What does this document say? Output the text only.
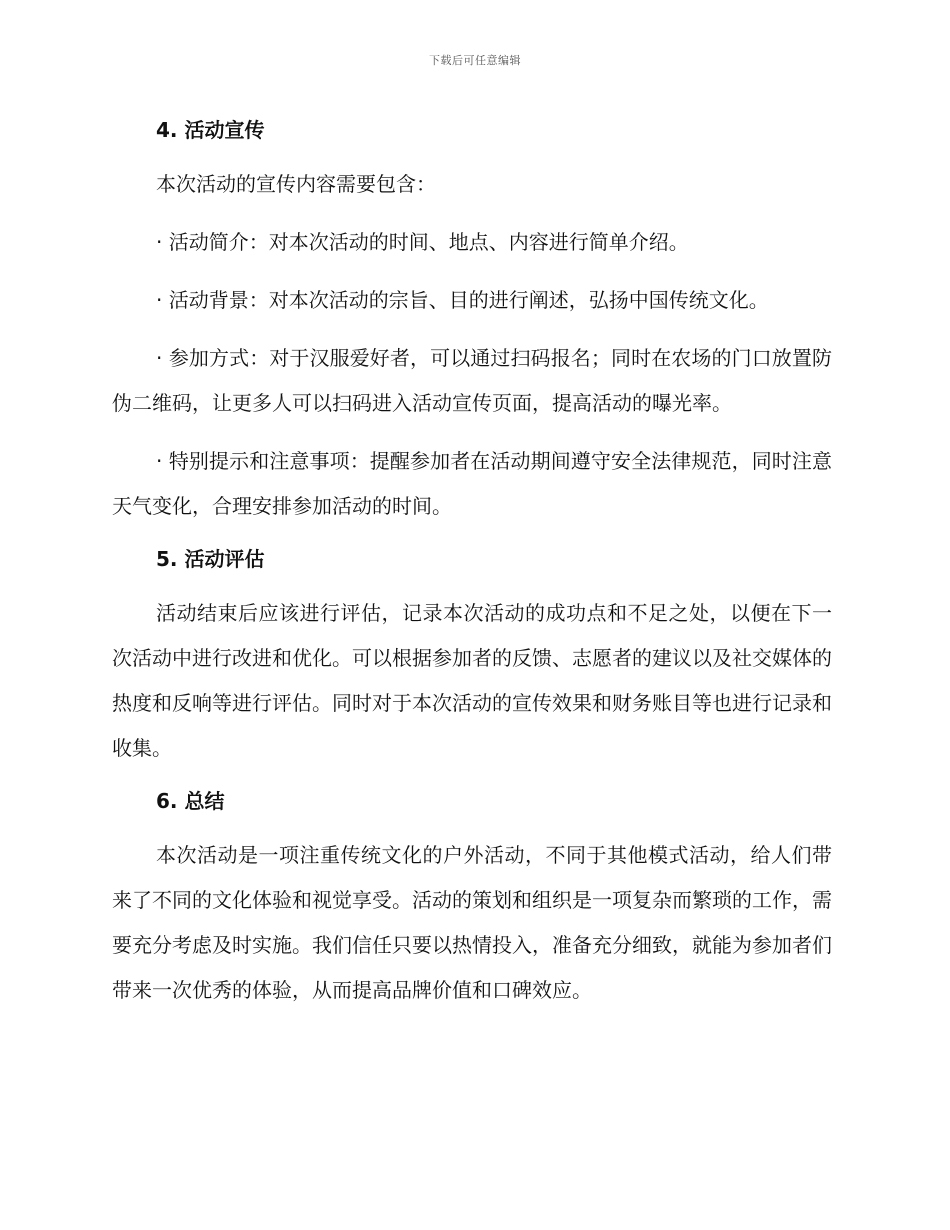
下载后可任意编辑
4. 活动宣传

本次活动的宣传内容需要包含：

· 活动简介：对本次活动的时间、地点、内容进行简单介绍。

· 活动背景：对本次活动的宗旨、目的进行阐述，弘扬中国传统文化。

· 参加方式：对于汉服爱好者，可以通过扫码报名；同时在农场的门口放置防伪二维码，让更多人可以扫码进入活动宣传页面，提高活动的曝光率。

· 特别提示和注意事项：提醒参加者在活动期间遵守安全法律规范，同时注意天气变化，合理安排参加活动的时间。

5. 活动评估

活动结束后应该进行评估，记录本次活动的成功点和不足之处，以便在下一次活动中进行改进和优化。可以根据参加者的反馈、志愿者的建议以及社交媒体的热度和反响等进行评估。同时对于本次活动的宣传效果和财务账目等也进行记录和收集。

6. 总结

本次活动是一项注重传统文化的户外活动，不同于其他模式活动，给人们带来了不同的文化体验和视觉享受。活动的策划和组织是一项复杂而繁琐的工作，需要充分考虑及时实施。我们信任只要以热情投入，准备充分细致，就能为参加者们带来一次优秀的体验，从而提高品牌价值和口碑效应。
